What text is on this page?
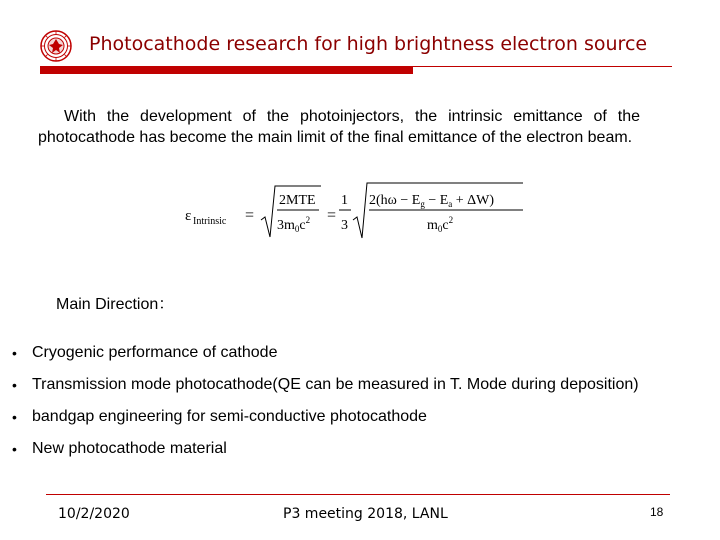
Photocathode research for high brightness electron source
With the development of the photoinjectors, the intrinsic emittance of the photocathode has become the main limit of the final emittance of the electron beam.
ε Intrinsic =
2MTE
$3m_0c^2$ =
1
3
$2(h\omega - E_g - E_a + \Delta W)$
$m_0c^2$
Main Direction：
• Cryogenic performance of cathode
• Transmission mode photocathode(QE can be measured in T. Mode during deposition)
• bandgap engineering for semi-conductive photocathode
• New photocathode material
10/2/2020	P3 meeting 2018, LANL	18
